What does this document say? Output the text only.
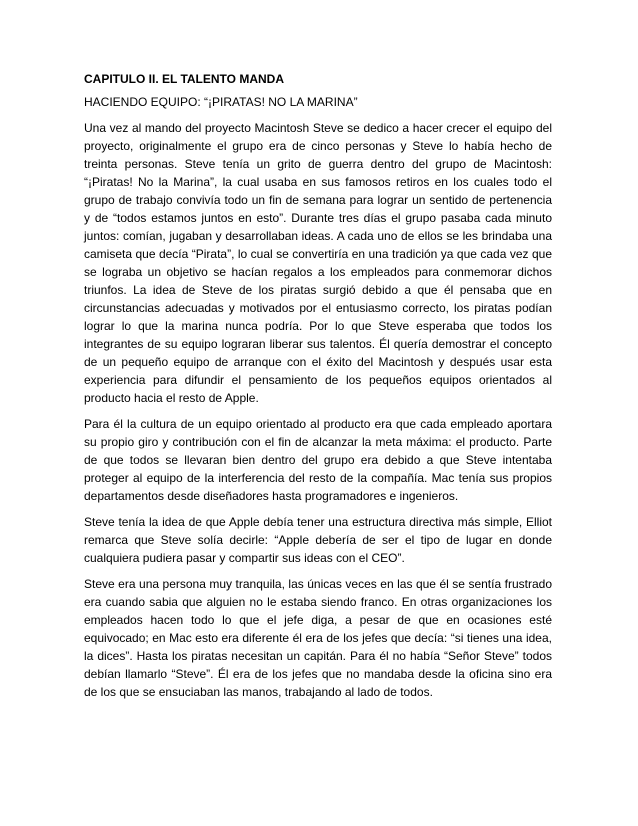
CAPITULO II. EL TALENTO MANDA
HACIENDO EQUIPO: “¡PIRATAS! NO LA MARINA”

Una vez al mando del proyecto Macintosh Steve se dedico a hacer crecer el equipo del proyecto, originalmente el grupo era de cinco personas y Steve lo había hecho de treinta personas. Steve tenía un grito de guerra dentro del grupo de Macintosh: “¡Piratas! No la Marina”, la cual usaba en sus famosos retiros en los cuales todo el grupo de trabajo convivía todo un fin de semana para lograr un sentido de pertenencia y de “todos estamos juntos en esto”. Durante tres días el grupo pasaba cada minuto juntos: comían, jugaban y desarrollaban ideas. A cada uno de ellos se les brindaba una camiseta que decía “Pirata”, lo cual se convertiría en una tradición ya que cada vez que se lograba un objetivo se hacían regalos a los empleados para conmemorar dichos triunfos. La idea de Steve de los piratas surgió debido a que él pensaba que en circunstancias adecuadas y motivados por el entusiasmo correcto, los piratas podían lograr lo que la marina nunca podría. Por lo que Steve esperaba que todos los integrantes de su equipo lograran liberar sus talentos. Él quería demostrar el concepto de un pequeño equipo de arranque con el éxito del Macintosh y después usar esta experiencia para difundir el pensamiento de los pequeños equipos orientados al producto hacia el resto de Apple.

Para él la cultura de un equipo orientado al producto era que cada empleado aportara su propio giro y contribución con el fin de alcanzar la meta máxima: el producto. Parte de que todos se llevaran bien dentro del grupo era debido a que Steve intentaba proteger al equipo de la interferencia del resto de la compañía. Mac tenía sus propios departamentos desde diseñadores hasta programadores e ingenieros.

Steve tenía la idea de que Apple debía tener una estructura directiva más simple, Elliot remarca que Steve solía decirle: “Apple debería de ser el tipo de lugar en donde cualquiera pudiera pasar y compartir sus ideas con el CEO”.

Steve era una persona muy tranquila, las únicas veces en las que él se sentía frustrado era cuando sabia que alguien no le estaba siendo franco. En otras organizaciones los empleados hacen todo lo que el jefe diga, a pesar de que en ocasiones esté equivocado; en Mac esto era diferente él era de los jefes que decía: “si tienes una idea, la dices”. Hasta los piratas necesitan un capitán. Para él no había “Señor Steve” todos debían llamarlo “Steve”. Él era de los jefes que no mandaba desde la oficina sino era de los que se ensuciaban las manos, trabajando al lado de todos.
